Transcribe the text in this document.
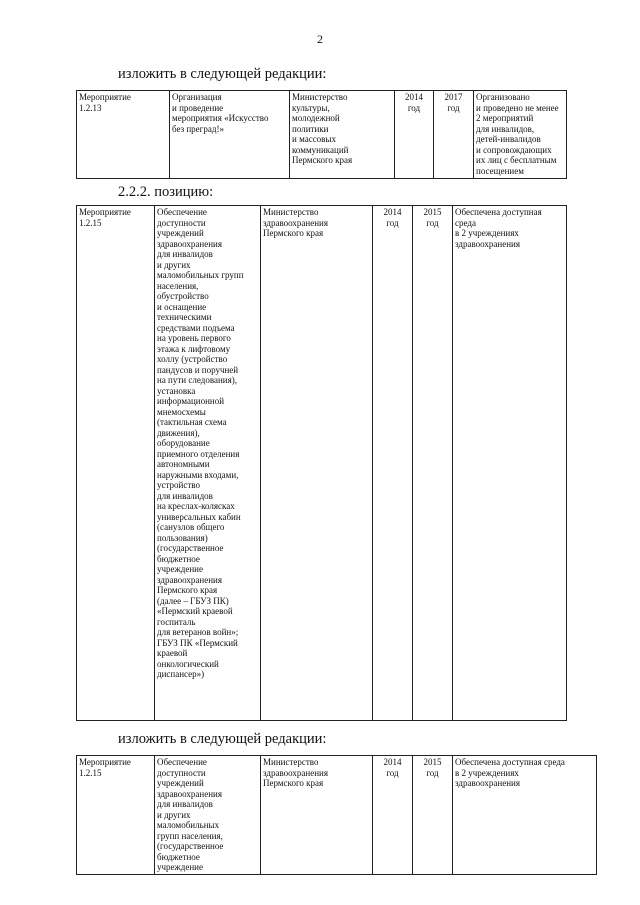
2
изложить в следующей редакции:
Мероприятие
1.2.13	Организация
и проведение
мероприятия «Искусство
без преград!»	Министерство
культуры,
молодежной
политики
и массовых
коммуникаций
Пермского края	2014
год	2017
год	Организовано
и проведено не менее
2 мероприятий
для инвалидов,
детей-инвалидов
и сопровождающих
их лиц с бесплатным
посещением
2.2.2. позицию:
Мероприятие
1.2.15	Обеспечение
доступности
учреждений
здравоохранения
для инвалидов
и других
маломобильных групп
населения,
обустройство
и оснащение
техническими
средствами подъема
на уровень первого
этажа к лифтовому
холлу (устройство
пандусов и поручней
на пути следования),
установка
информационной
мнемосхемы
(тактильная схема
движения),
оборудование
приемного отделения
автономными
наружными входами,
устройство
для инвалидов
на креслах-колясках
универсальных кабин
(санузлов общего
пользования)
(государственное
бюджетное
учреждение
здравоохранения
Пермского края
(далее – ГБУЗ ПК)
«Пермский краевой
госпиталь
для ветеранов войн»;
ГБУЗ ПК «Пермский
краевой
онкологический
диспансер»)	Министерство
здравоохранения
Пермского края	2014
год	2015
год	Обеспечена доступная среда
в 2 учреждениях
здравоохранения
изложить в следующей редакции:
Мероприятие
1.2.15	Обеспечение
доступности
учреждений
здравоохранения
для инвалидов
и других
маломобильных
групп населения,
(государственное
бюджетное
учреждение	Министерство
здравоохранения
Пермского края	2014
год	2015
год	Обеспечена доступная среда
в 2 учреждениях
здравоохранения
